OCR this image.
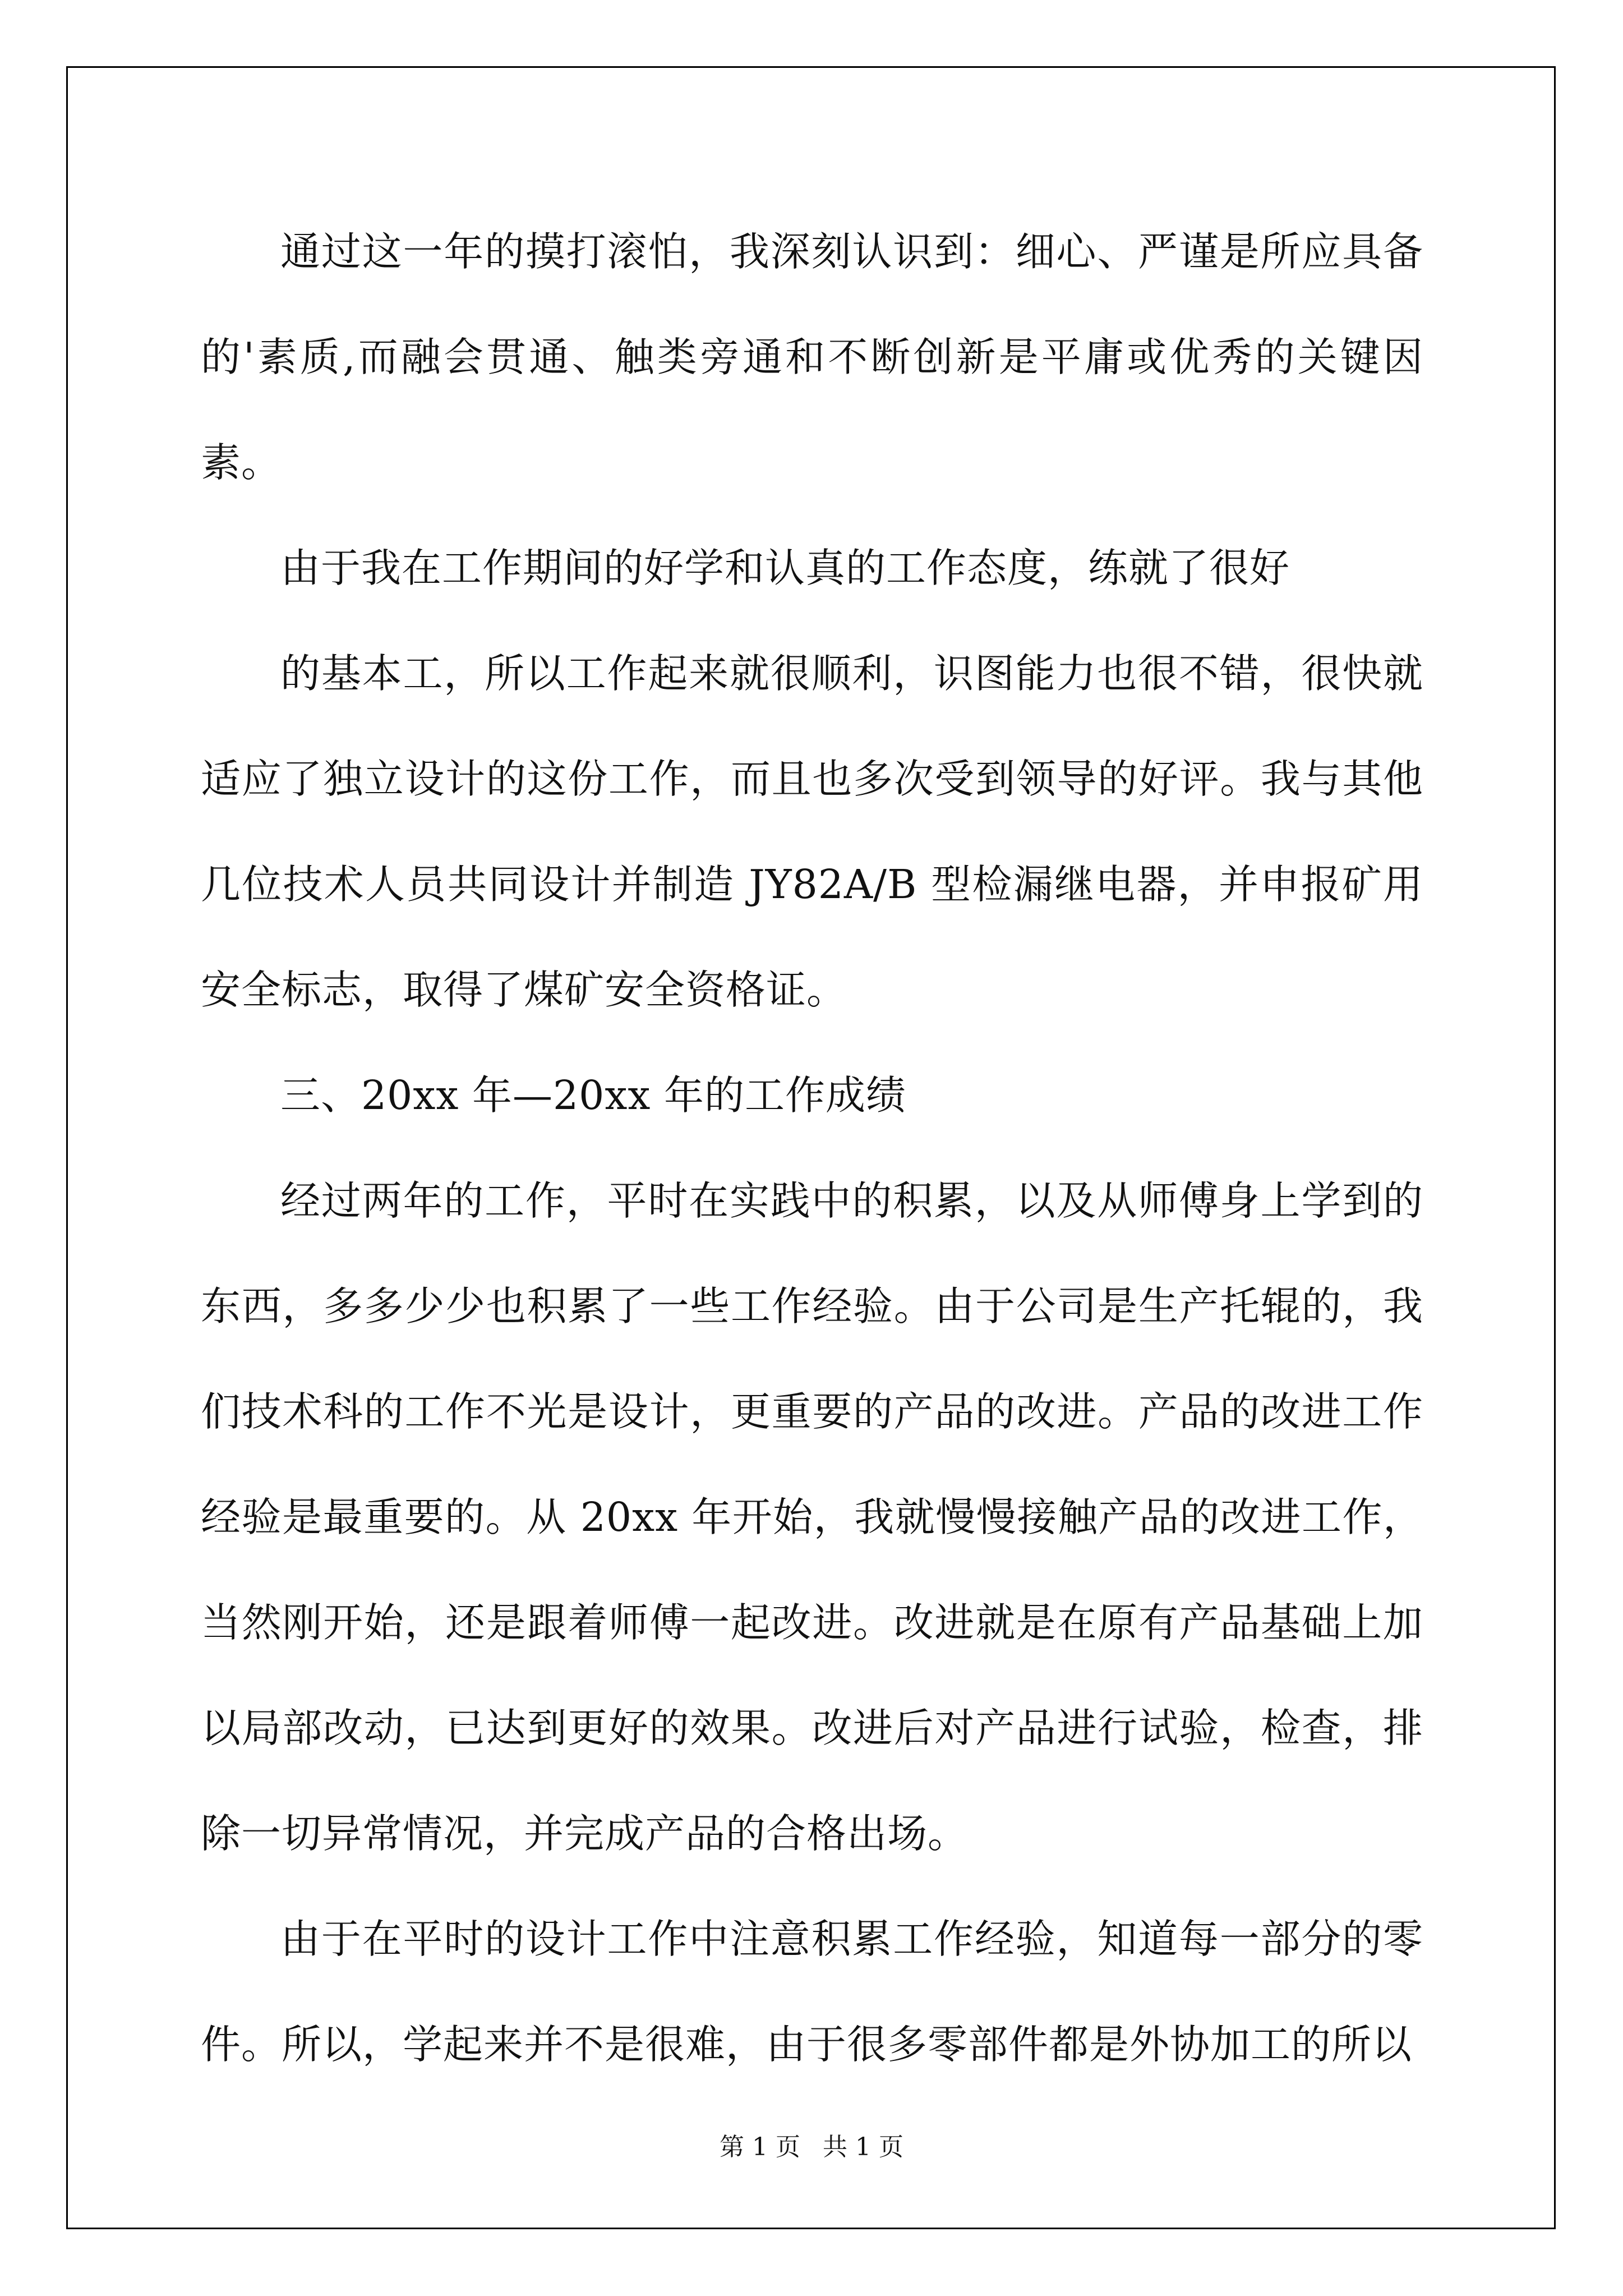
通过这一年的摸打滚怕，我深刻认识到：细心、严谨是所应具备的'素质,而融会贯通、触类旁通和不断创新是平庸或优秀的关键因素。

由于我在工作期间的好学和认真的工作态度，练就了很好

的基本工，所以工作起来就很顺利，识图能力也很不错，很快就适应了独立设计的这份工作，而且也多次受到领导的好评。我与其他几位技术人员共同设计并制造 JY82A/B 型检漏继电器，并申报矿用安全标志，取得了煤矿安全资格证。

三、20xx 年—20xx 年的工作成绩

经过两年的工作，平时在实践中的积累，以及从师傅身上学到的东西，多多少少也积累了一些工作经验。由于公司是生产托辊的，我们技术科的工作不光是设计，更重要的产品的改进。产品的改进工作经验是最重要的。从 20xx 年开始，我就慢慢接触产品的改进工作，当然刚开始，还是跟着师傅一起改进。改进就是在原有产品基础上加以局部改动，已达到更好的效果。改进后对产品进行试验，检查，排除一切异常情况，并完成产品的合格出场。

由于在平时的设计工作中注意积累工作经验，知道每一部分的零件。所以，学起来并不是很难，由于很多零部件都是外协加工的所以

第 1 页 共 1 页
